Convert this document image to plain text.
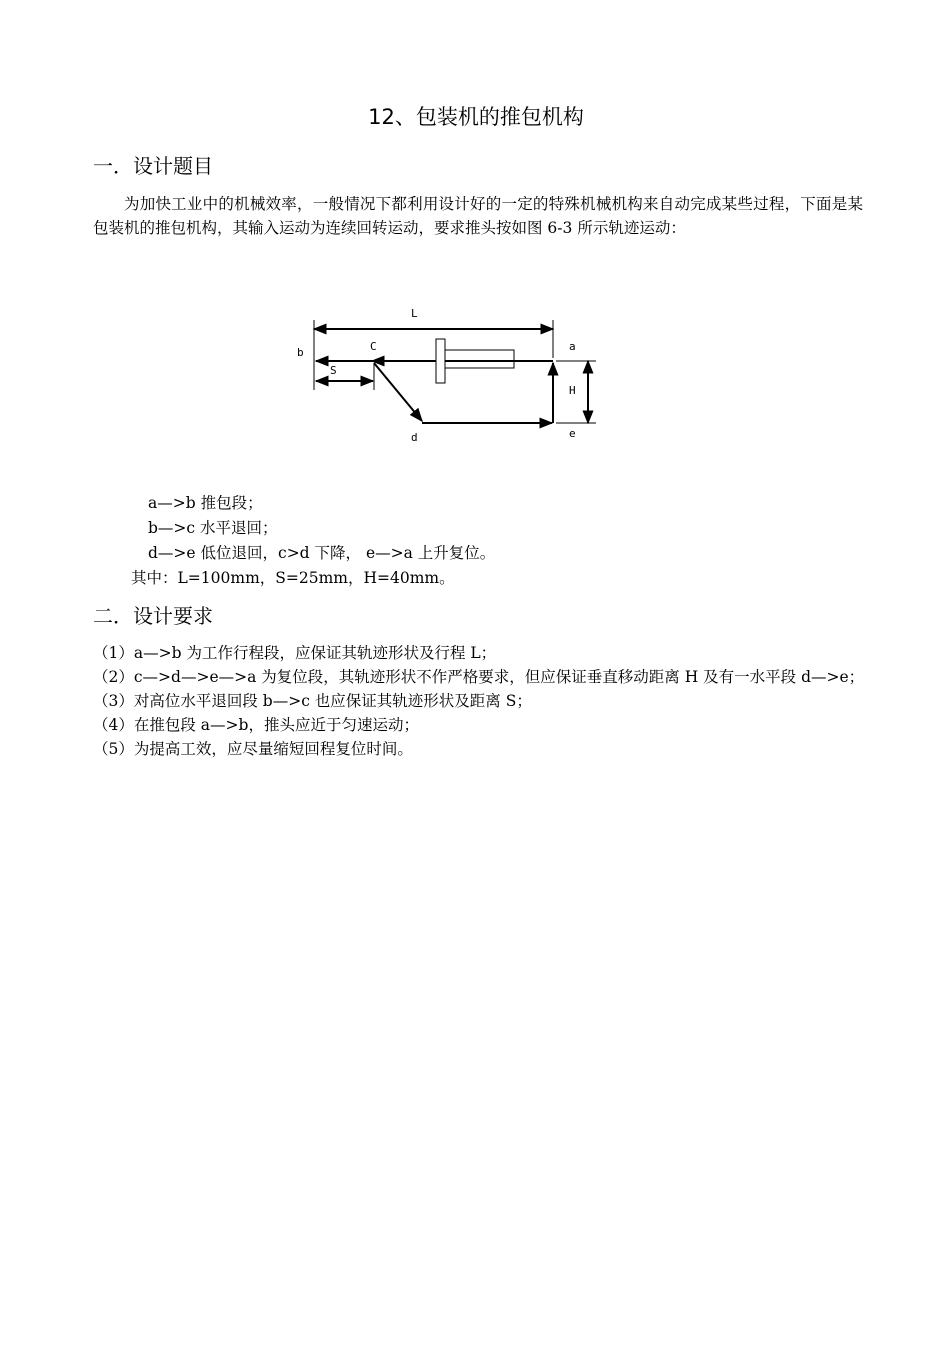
12、包装机的推包机构
一．设计题目
为加快工业中的机械效率，一般情况下都利用设计好的一定的特殊机械机构来自动完成某些过程，下面是某包装机的推包机构，其输入运动为连续回转运动，要求推头按如图 6-3 所示轨迹运动：
L
b	C	a
S
d	e
H
a—>b 推包段；
b—>c 水平退回；
d—>e 低位退回，c>d 下降， e—>a 上升复位。
其中：L=100mm，S=25mm，H=40mm。
二．设计要求
（1）a—>b 为工作行程段，应保证其轨迹形状及行程 L；
（2）c—>d—>e—>a 为复位段，其轨迹形状不作严格要求，但应保证垂直移动距离 H 及有一水平段 d—>e；
（3）对高位水平退回段 b—>c 也应保证其轨迹形状及距离 S；
（4）在推包段 a—>b，推头应近于匀速运动；
（5）为提高工效，应尽量缩短回程复位时间。
